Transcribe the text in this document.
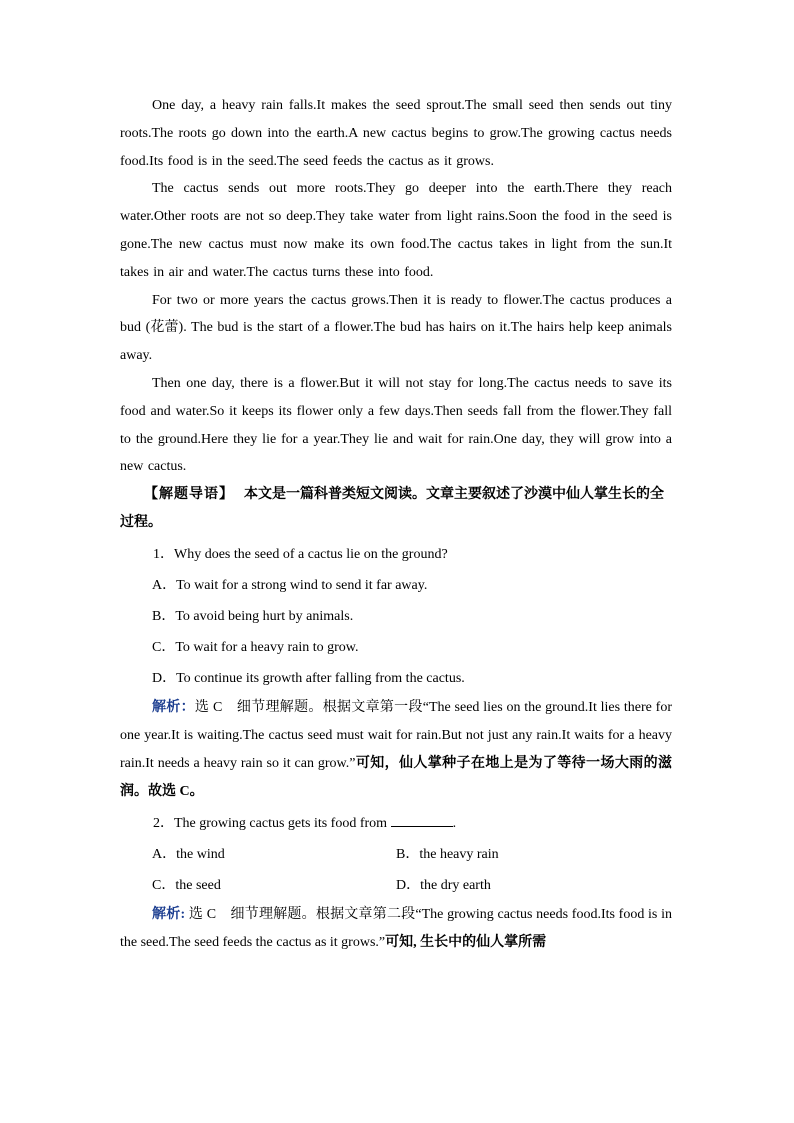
One day, a heavy rain falls.It makes the seed sprout.The small seed then sends out tiny roots.The roots go down into the earth.A new cactus begins to grow.The growing cactus needs food.Its food is in the seed.The seed feeds the cactus as it grows.

The cactus sends out more roots.They go deeper into the earth.There they reach water.Other roots are not so deep.They take water from light rains.Soon the food in the seed is gone.The new cactus must now make its own food.The cactus takes in light from the sun.It takes in air and water.The cactus turns these into food.

For two or more years the cactus grows.Then it is ready to flower.The cactus produces a bud (花蕾). The bud is the start of a flower.The bud has hairs on it.The hairs help keep animals away.

Then one day, there is a flower.But it will not stay for long.The cactus needs to save its food and water.So it keeps its flower only a few days.Then seeds fall from the flower.They fall to the ground.Here they lie for a year.They lie and wait for rain.One day, they will grow into a new cactus.

【解题导语】 本文是一篇科普类短文阅读。文章主要叙述了沙漠中仙人掌生长的全过程。

1．Why does the seed of a cactus lie on the ground?

A．To wait for a strong wind to send it far away.

B．To avoid being hurt by animals.

C．To wait for a heavy rain to grow.

D．To continue its growth after falling from the cactus.

解析：选 C　细节理解题。根据文章第一段“The seed lies on the ground.It lies there for one year.It is waiting.The cactus seed must wait for rain.But not just any rain.It waits for a heavy rain.It needs a heavy rain so it can grow.”可知，仙人掌种子在地上是为了等待一场大雨的滋润。故选 C。

2．The growing cactus gets its food from	.

A．the wind	B．the heavy rain
C．the seed	D．the dry earth

解析: 选 C　细节理解题。根据文章第二段“The growing cactus needs food.Its food is in the seed.The seed feeds the cactus as it grows.”可知, 生长中的仙人掌所需
